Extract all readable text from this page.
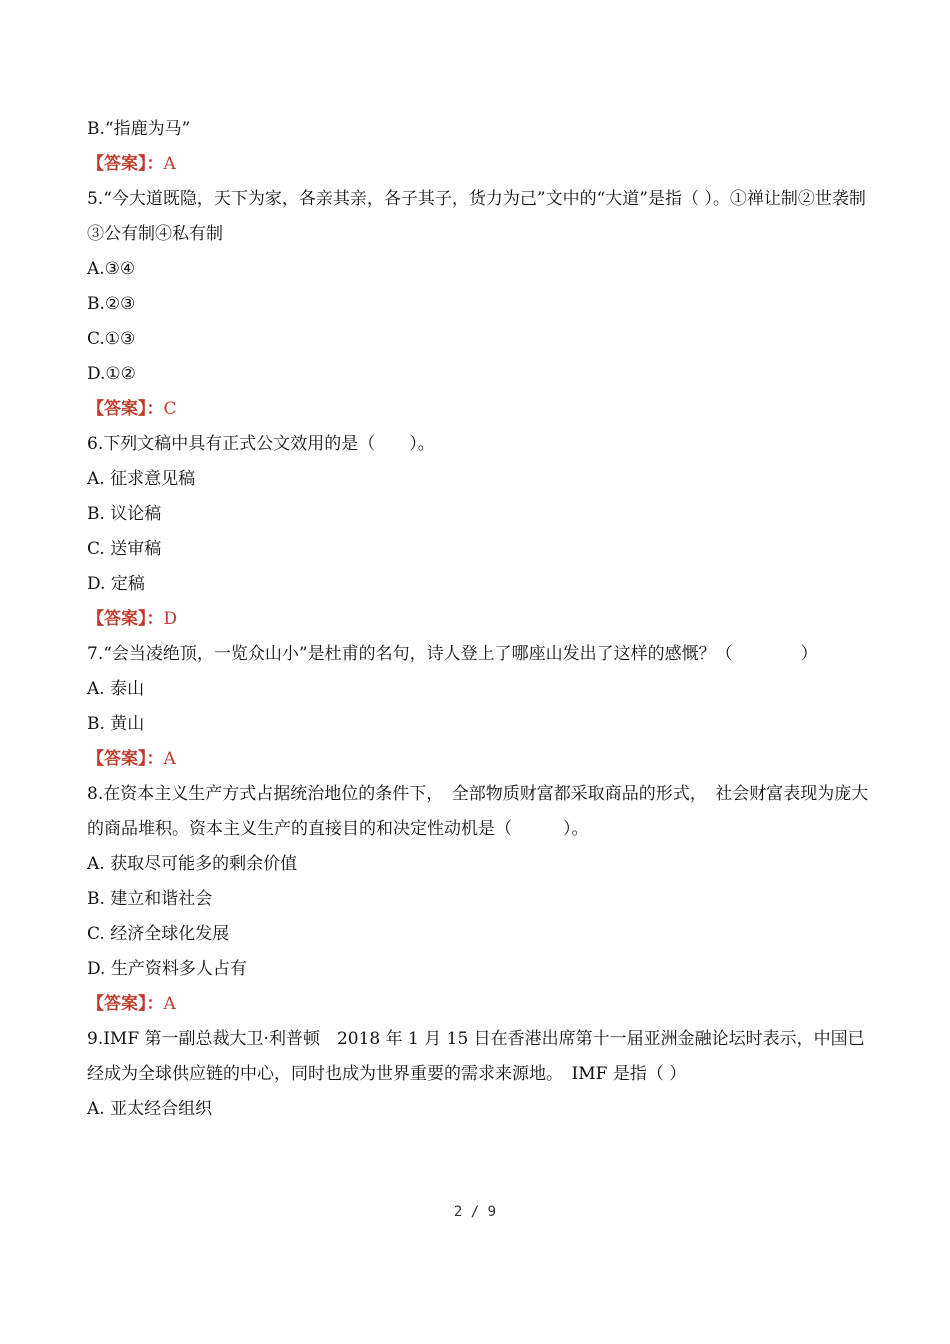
B.“指鹿为马”
【答案】：A
5.“今大道既隐，天下为家，各亲其亲，各子其子，货力为己”文中的“大道”是指（ ）。①禅让制②世袭制③公有制④私有制
A.③④
B.②③
C.①③
D.①②
【答案】：C
6.下列文稿中具有正式公文效用的是（　　）。
A. 征求意见稿
B. 议论稿
C. 送审稿
D. 定稿
【答案】：D
7.“会当凌绝顶，一览众山小”是杜甫的名句，诗人登上了哪座山发出了这样的感慨？（　　　　）
A. 泰山
B. 黄山
【答案】：A
8.在资本主义生产方式占据统治地位的条件下，　全部物质财富都采取商品的形式，　社会财富表现为庞大的商品堆积。资本主义生产的直接目的和决定性动机是（　　　）。
A. 获取尽可能多的剩余价值
B. 建立和谐社会
C. 经济全球化发展
D. 生产资料多人占有
【答案】：A
9.IMF 第一副总裁大卫·利普顿　2018 年 1 月 15 日在香港出席第十一届亚洲金融论坛时表示，中国已经成为全球供应链的中心，同时也成为世界重要的需求来源地。　IMF 是指（ ）
A. 亚太经合组织
2 / 9
